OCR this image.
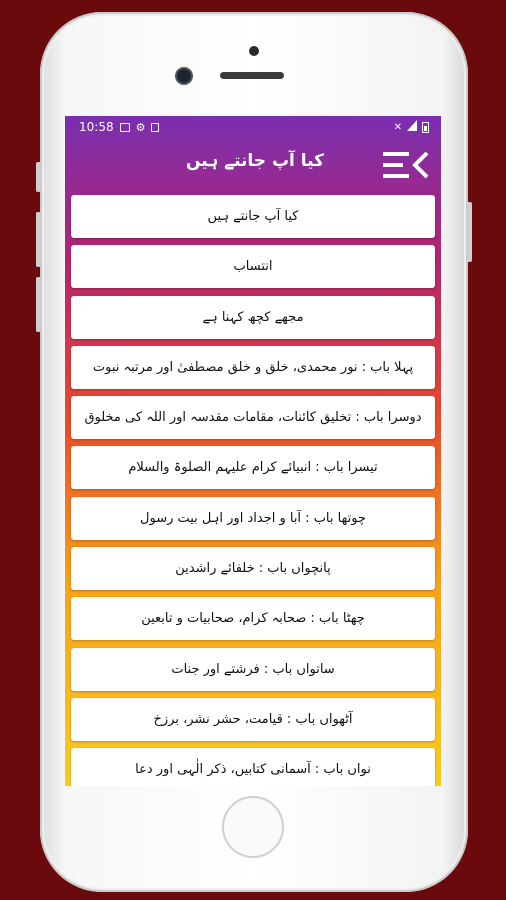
10:58 ⚙	✕
کیا آپ جانتے ہیں
کیا آپ جانتے ہیں
انتساب
مجھے کچھ کہنا ہے
پہلا باب : نور محمدی، خلق و خلق مصطفیٰ اور مرتبہ نبوت
دوسرا باب : تخلیق کائنات، مقامات مقدسہ اور اللہ کی مخلوق
تیسرا باب : انبیائے کرام علیہم الصلوۃ والسلام
چوتھا باب : آبا و اجداد اور اہل بیت رسول
پانچواں باب : خلفائے راشدین
چھٹا باب : صحابہ کرام، صحابیات و تابعین
ساتواں باب : فرشتے اور جنات
آٹھواں باب : قیامت، حشر نشر، برزخ
نواں باب : آسمانی کتابیں، ذکر الٰہی اور دعا
